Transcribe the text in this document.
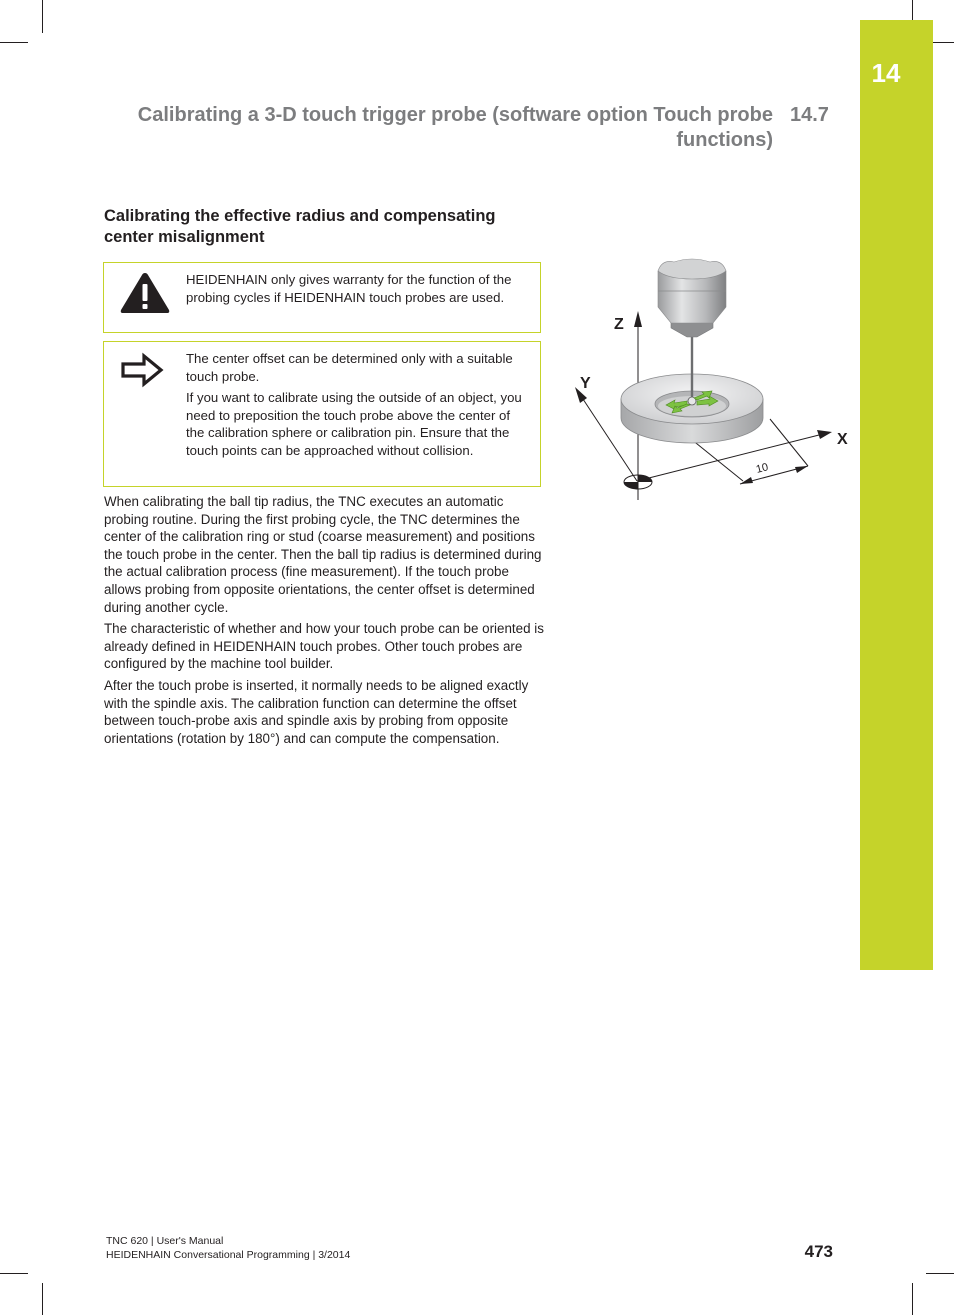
14
Calibrating a 3-D touch trigger probe (software option Touch probe
functions)
14.7
Calibrating the effective radius and compensating
center misalignment
HEIDENHAIN only gives warranty for the function of the probing cycles if HEIDENHAIN touch probes are used.

The center offset can be determined only with a suitable touch probe.

If you want to calibrate using the outside of an object, you need to preposition the touch probe above the center of the calibration sphere or calibration pin. Ensure that the touch points can be approached without collision.

When calibrating the ball tip radius, the TNC executes an automatic probing routine. During the first probing cycle, the TNC determines the center of the calibration ring or stud (coarse measurement) and positions the touch probe in the center. Then the ball tip radius is determined during the actual calibration process (fine measurement). If the touch probe allows probing from opposite orientations, the center offset is determined during another cycle.

The characteristic of whether and how your touch probe can be oriented is already defined in HEIDENHAIN touch probes. Other touch probes are configured by the machine tool builder.

After the touch probe is inserted, it normally needs to be aligned exactly with the spindle axis. The calibration function can determine the offset between touch-probe axis and spindle axis by probing from opposite orientations (rotation by 180°) and can compute the compensation.

Z
Y
X
10
TNC 620 | User's Manual
HEIDENHAIN Conversational Programming | 3/2014	473
